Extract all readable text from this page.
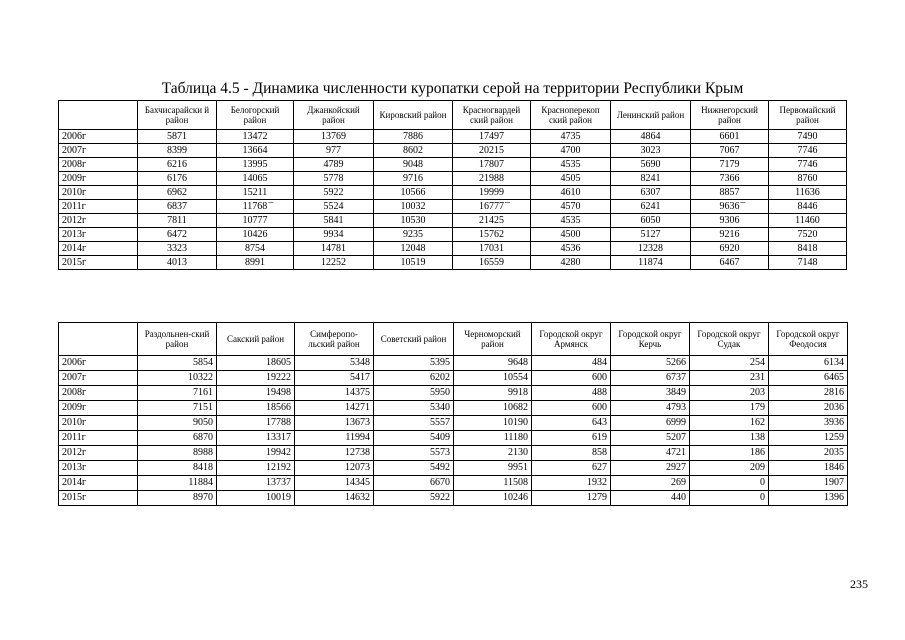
Таблица 4.5 - Динамика численности куропатки серой на территории Республики Крым
	Бахчисарайски й район	Белогорский район	Джанкойский район	Кировский район	Красногвардей ский район	Красноперекоп ский район	Ленинский район	Нижнегорский район	Первомайский район
2006г	5871	13472	13769	7886	17497	4735	4864	6601	7490
2007г	8399	13664	977	8602	20215	4700	3023	7067	7746
2008г	6216	13995	4789	9048	17807	4535	5690	7179	7746
2009г	6176	14065	5778	9716	21988	4505	8241	7366	8760
2010г	6962	15211	5922	10566	19999	4610	6307	8857	11636
2011г	6837	11768 ‒	5524	10032	16777 ‒	4570	6241	9636 ‒	8446
2012г	7811	10777	5841	10530	21425	4535	6050	9306	11460
2013г	6472	10426	9934	9235	15762	4500	5127	9216	7520
2014г	3323	8754	14781	12048	17031	4536	12328	6920	8418
2015г	4013	8991	12252	10519	16559	4280	11874	6467	7148
	Раздольнен-ский район	Сакский район	Симферопо-льский район	Советский район	Черноморский район	Городской округ Армянск	Городской округ Керчь	Городской округ Судак	Городской округ Феодосия
2006г	5854	18605	5348	5395	9648	484	5266	254	6134
2007г	10322	19222	5417	6202	10554	600	6737	231	6465
2008г	7161	19498	14375	5950	9918	488	3849	203	2816
2009г	7151	18566	14271	5340	10682	600	4793	179	2036
2010г	9050	17788	13673	5557	10190	643	6999	162	3936
2011г	6870	13317	11994	5409	11180	619	5207	138	1259
2012г	8988	19942	12738	5573	2130	858	4721	186	2035
2013г	8418	12192	12073	5492	9951	627	2927	209	1846
2014г	11884	13737	14345	6670	11508	1932	269	0	1907
2015г	8970	10019	14632	5922	10246	1279	440	0	1396
235
